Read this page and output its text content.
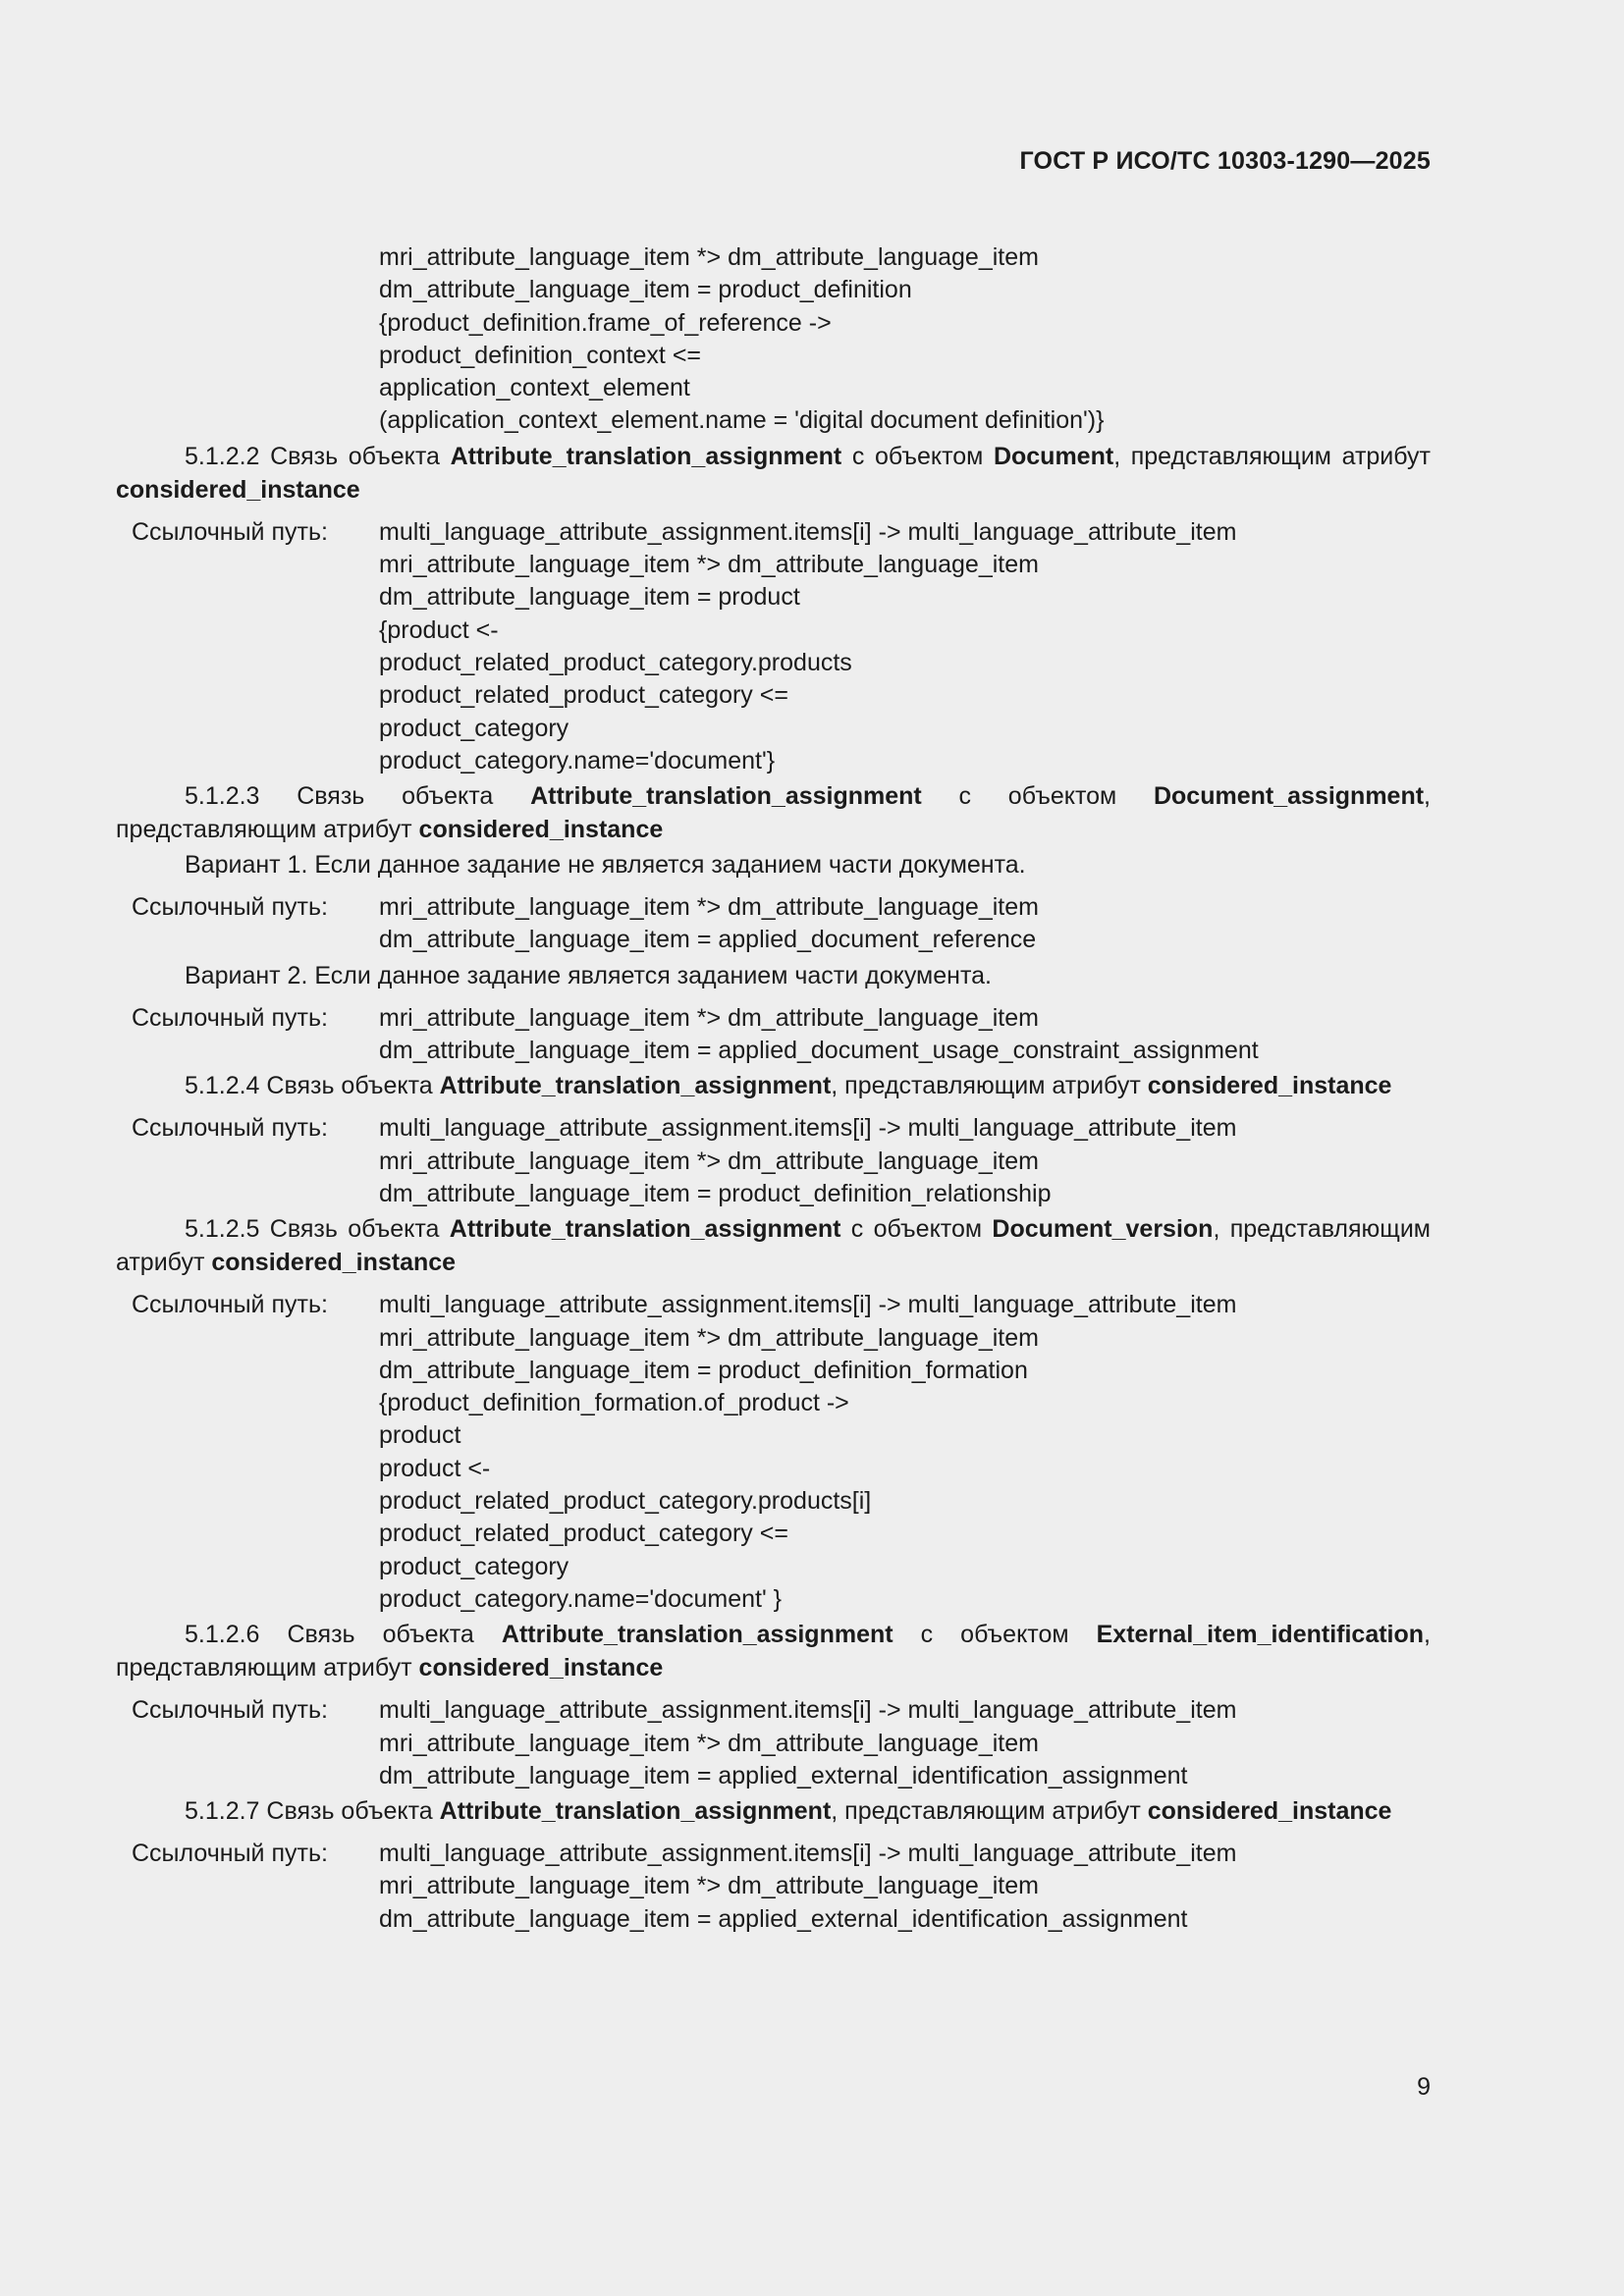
ГОСТ Р ИСО/ТС 10303-1290—2025
mri_attribute_language_item *> dm_attribute_language_item
dm_attribute_language_item = product_definition
{product_definition.frame_of_reference ->
product_definition_context <=
application_context_element
(application_context_element.name = 'digital document definition')}

5.1.2.2 Связь объекта Attribute_translation_assignment с объектом Document, представляющим атрибут considered_instance

Ссылочный путь:	multi_language_attribute_assignment.items[i] -> multi_language_attribute_item
mri_attribute_language_item *> dm_attribute_language_item
dm_attribute_language_item = product
{product <-
product_related_product_category.products
product_related_product_category <=
product_category
product_category.name='document'}

5.1.2.3 Связь объекта Attribute_translation_assignment с объектом Document_assignment, представляющим атрибут considered_instance

Вариант 1. Если данное задание не является заданием части документа.
Ссылочный путь:	mri_attribute_language_item *> dm_attribute_language_item
dm_attribute_language_item = applied_document_reference
Вариант 2. Если данное задание является заданием части документа.
Ссылочный путь:	mri_attribute_language_item *> dm_attribute_language_item
dm_attribute_language_item = applied_document_usage_constraint_assignment

5.1.2.4 Связь объекта Attribute_translation_assignment, представляющим атрибут considered_instance

Ссылочный путь:	multi_language_attribute_assignment.items[i] -> multi_language_attribute_item
mri_attribute_language_item *> dm_attribute_language_item
dm_attribute_language_item = product_definition_relationship

5.1.2.5 Связь объекта Attribute_translation_assignment с объектом Document_version, представляющим атрибут considered_instance

Ссылочный путь:	multi_language_attribute_assignment.items[i] -> multi_language_attribute_item
mri_attribute_language_item *> dm_attribute_language_item
dm_attribute_language_item = product_definition_formation
{product_definition_formation.of_product ->
product
product <-
product_related_product_category.products[i]
product_related_product_category <=
product_category
product_category.name='document' }

5.1.2.6 Связь объекта Attribute_translation_assignment с объектом External_item_identification, представляющим атрибут considered_instance

Ссылочный путь:	multi_language_attribute_assignment.items[i] -> multi_language_attribute_item
mri_attribute_language_item *> dm_attribute_language_item
dm_attribute_language_item = applied_external_identification_assignment

5.1.2.7 Связь объекта Attribute_translation_assignment, представляющим атрибут considered_instance

Ссылочный путь:	multi_language_attribute_assignment.items[i] -> multi_language_attribute_item
mri_attribute_language_item *> dm_attribute_language_item
dm_attribute_language_item = applied_external_identification_assignment
9
